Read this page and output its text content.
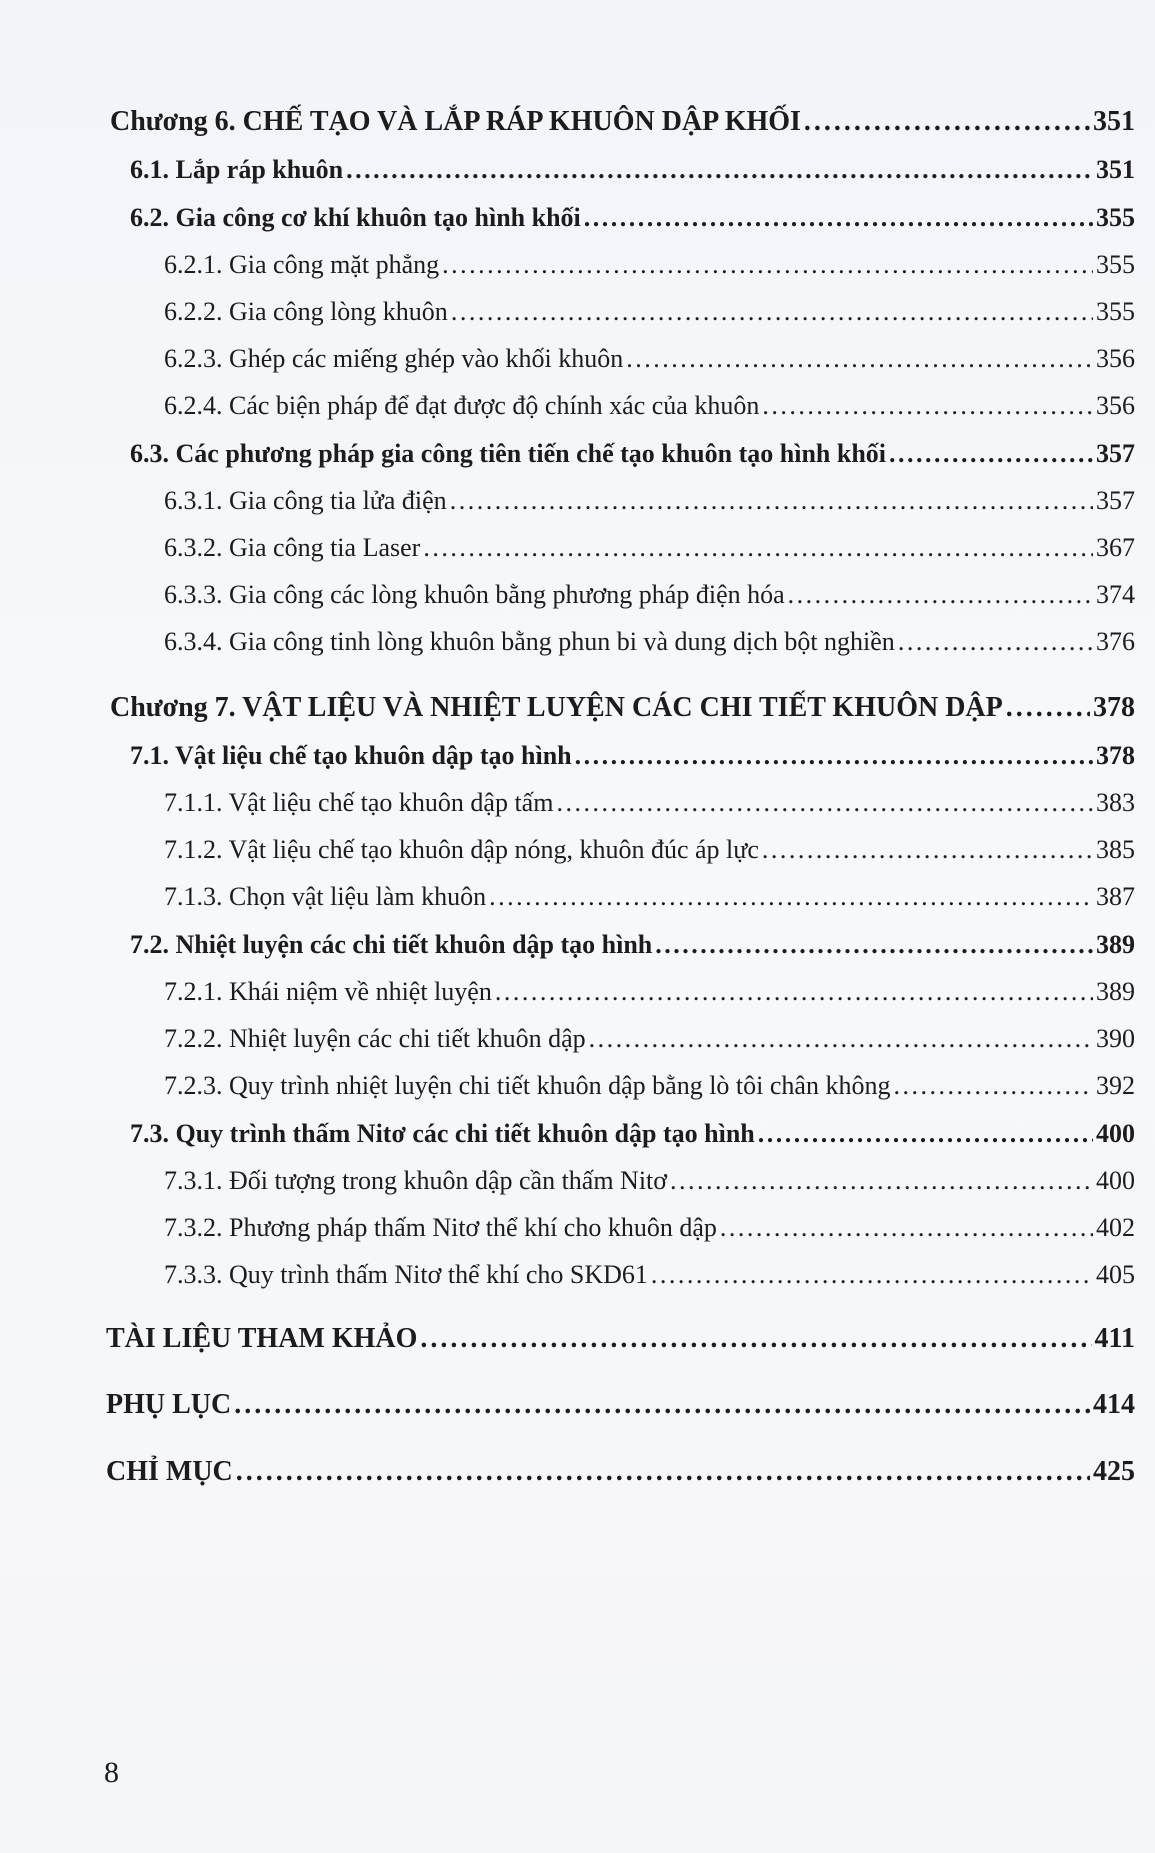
Chương 6. CHẾ TẠO VÀ LẮP RÁP KHUÔN DẬP KHỐI . . .	351
6.1. Lắp ráp khuôn . . .	351
6.2. Gia công cơ khí khuôn tạo hình khối . . .	355
6.2.1. Gia công mặt phẳng . . .	355
6.2.2. Gia công lòng khuôn . . .	355
6.2.3. Ghép các miếng ghép vào khối khuôn . . .	356
6.2.4. Các biện pháp để đạt được độ chính xác của khuôn . . .	356
6.3. Các phương pháp gia công tiên tiến chế tạo khuôn tạo hình khối . . .	357
6.3.1. Gia công tia lửa điện . . .	357
6.3.2. Gia công tia Laser . . .	367
6.3.3. Gia công các lòng khuôn bằng phương pháp điện hóa . . .	374
6.3.4. Gia công tinh lòng khuôn bằng phun bi và dung dịch bột nghiền . . .	376
Chương 7. VẬT LIỆU VÀ NHIỆT LUYỆN CÁC CHI TIẾT KHUÔN DẬP . . .	378
7.1. Vật liệu chế tạo khuôn dập tạo hình . . .	378
7.1.1. Vật liệu chế tạo khuôn dập tấm . . .	383
7.1.2. Vật liệu chế tạo khuôn dập nóng, khuôn đúc áp lực . . .	385
7.1.3. Chọn vật liệu làm khuôn . . .	387
7.2. Nhiệt luyện các chi tiết khuôn dập tạo hình . . .	389
7.2.1. Khái niệm về nhiệt luyện . . .	389
7.2.2. Nhiệt luyện các chi tiết khuôn dập . . .	390
7.2.3. Quy trình nhiệt luyện chi tiết khuôn dập bằng lò tôi chân không . . .	392
7.3. Quy trình thấm Nitơ các chi tiết khuôn dập tạo hình . . .	400
7.3.1. Đối tượng trong khuôn dập cần thấm Nitơ . . .	400
7.3.2. Phương pháp thấm Nitơ thể khí cho khuôn dập . . .	402
7.3.3. Quy trình thấm Nitơ thể khí cho SKD61 . . .	405
TÀI LIỆU THAM KHẢO . . .	411
PHỤ LỤC . . .	414
CHỈ MỤC . . .	425
8
